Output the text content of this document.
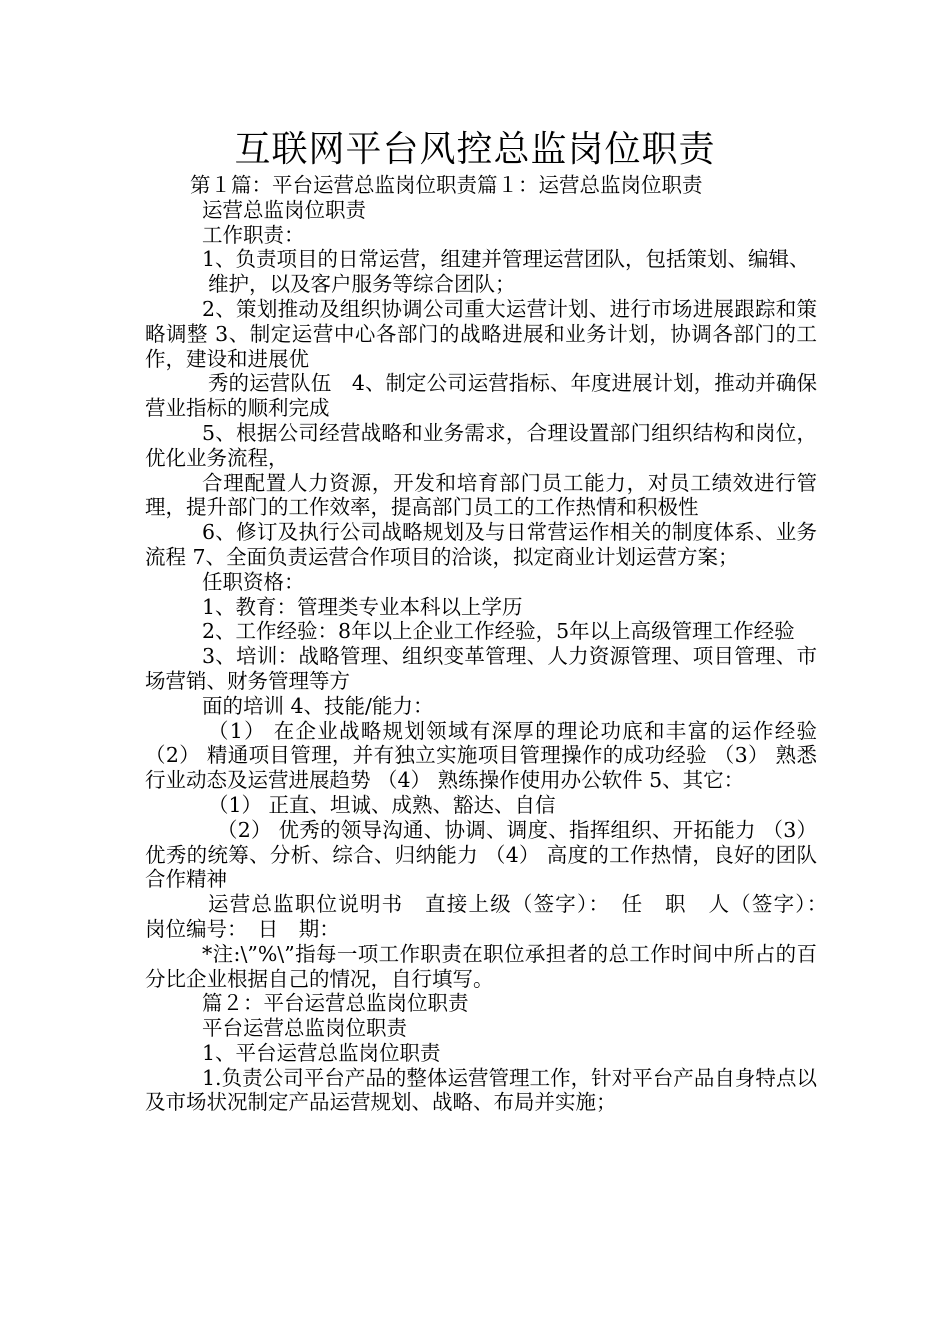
互联网平台风控总监岗位职责

第１篇：平台运营总监岗位职责篇１：运营总监岗位职责

运营总监岗位职责

工作职责：

1、负责项目的日常运营，组建并管理运营团队，包括策划、编辑、

维护，以及客户服务等综合团队；

2、策划推动及组织协调公司重大运营计划、进行市场进展跟踪和策略调整 3、制定运营中心各部门的战略进展和业务计划，协调各部门的工作，建设和进展优

秀的运营队伍　4、制定公司运营指标、年度进展计划，推动并确保营业指标的顺利完成

5、根据公司经营战略和业务需求，合理设置部门组织结构和岗位，优化业务流程，

合理配置人力资源，开发和培育部门员工能力，对员工绩效进行管理，提升部门的工作效率，提高部门员工的工作热情和积极性

6、修订及执行公司战略规划及与日常营运作相关的制度体系、业务流程 7、全面负责运营合作项目的洽谈，拟定商业计划运营方案；

任职资格：

1、教育：管理类专业本科以上学历

2、工作经验：8年以上企业工作经验，5年以上高级管理工作经验

3、培训：战略管理、组织变革管理、人力资源管理、项目管理、市场营销、财务管理等方

面的培训 4、技能/能力：

（1） 在企业战略规划领域有深厚的理论功底和丰富的运作经验 （2） 精通项目管理，并有独立实施项目管理操作的成功经验 （3） 熟悉行业动态及运营进展趋势 （4） 熟练操作使用办公软件 5、其它：

（1） 正直、坦诚、成熟、豁达、自信

（2） 优秀的领导沟通、协调、调度、指挥组织、开拓能力 （3） 优秀的统筹、分析、综合、归纳能力 （4） 高度的工作热情，良好的团队合作精神

运营总监职位说明书　直接上级（签字）：　任　职　人（签字）：　岗位编号：　日　期：

*注:\”%\”指每一项工作职责在职位承担者的总工作时间中所占的百分比企业根据自己的情况，自行填写。

篇２：平台运营总监岗位职责

平台运营总监岗位职责

1、平台运营总监岗位职责

1.负责公司平台产品的整体运营管理工作，针对平台产品自身特点以及市场状况制定产品运营规划、战略、布局并实施；
